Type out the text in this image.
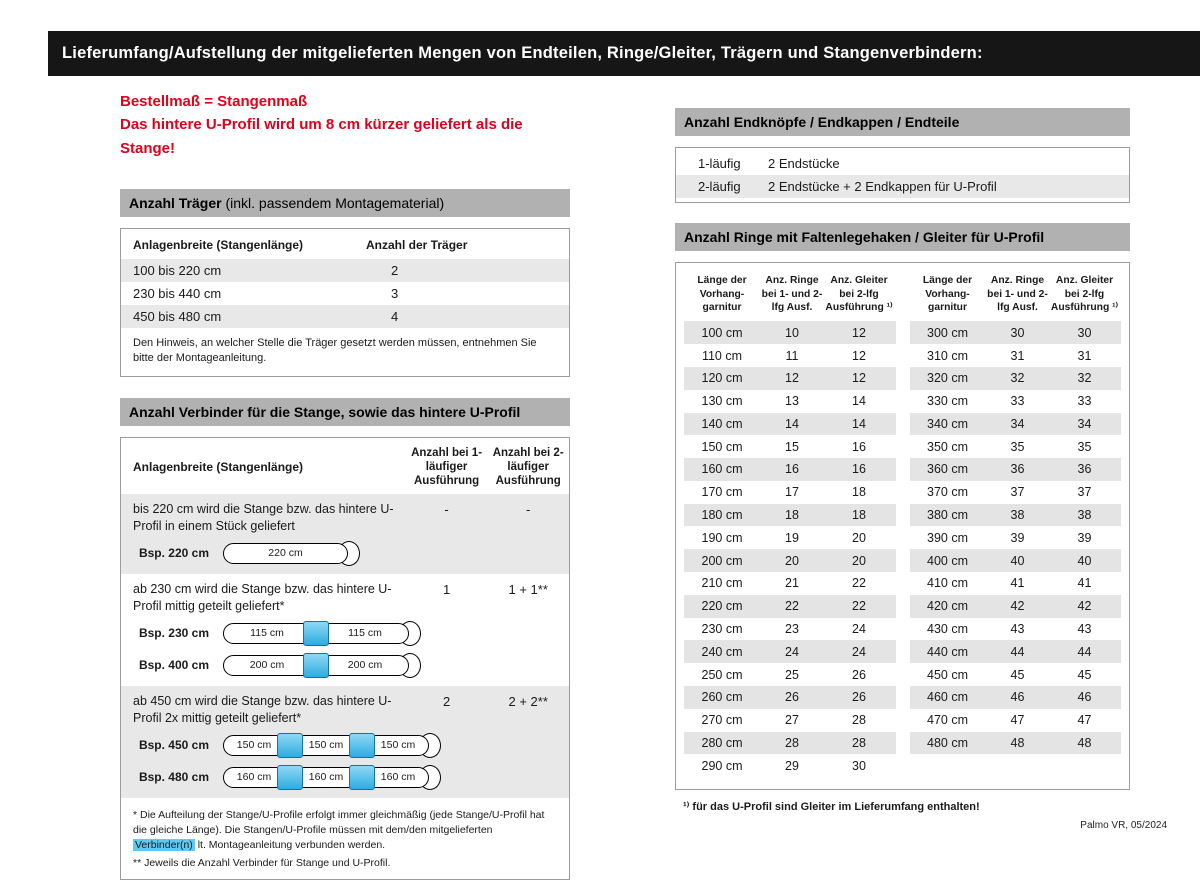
Lieferumfang/Aufstellung der mitgelieferten Mengen von Endteilen, Ringe/Gleiter, Trägern und Stangenverbindern:
Bestellmaß = Stangenmaß
Das hintere U-Profil wird um 8 cm kürzer geliefert als die Stange!
Anzahl Träger (inkl. passendem Montagematerial)
Anlagenbreite (Stangenlänge)	Anzahl der Träger
100 bis 220 cm	2
230 bis 440 cm	3
450 bis 480 cm	4
Den Hinweis, an welcher Stelle die Träger gesetzt werden müssen, entnehmen Sie bitte der Montageanleitung.
Anzahl Verbinder für die Stange, sowie das hintere U-Profil
Anlagenbreite (Stangenlänge)
Anzahl bei 1-läufiger Ausführung
Anzahl bei 2-läufiger Ausführung
bis 220 cm wird die Stange bzw. das hintere U-Profil in einem Stück geliefert
-	-
Bsp. 220 cm	220 cm
ab 230 cm wird die Stange bzw. das hintere U-Profil mittig geteilt geliefert*
1	1 + 1**
Bsp. 230 cm	115 cm	115 cm
Bsp. 400 cm	200 cm	200 cm
ab 450 cm wird die Stange bzw. das hintere U-Profil 2x mittig geteilt geliefert*
2	2 + 2**
Bsp. 450 cm	150 cm	150 cm	150 cm
Bsp. 480 cm	160 cm	160 cm	160 cm
* Die Aufteilung der Stange/U-Profile erfolgt immer gleichmäßig (jede Stange/U-Profil hat die gleiche Länge). Die Stangen/U-Profile müssen mit dem/den mitgelieferten Verbinder(n) lt. Montageanleitung verbunden werden.
** Jeweils die Anzahl Verbinder für Stange und U-Profil.
Anzahl Endknöpfe / Endkappen / Endteile
1-läufig	2 Endstücke
2-läufig	2 Endstücke + 2 Endkappen für U-Profil
Anzahl Ringe mit Faltenlegehaken / Gleiter für U-Profil
Länge der Vorhang-garnitur
Anz. Ringe bei 1- und 2-lfg Ausf.
Anz. Gleiter bei 2-lfg Ausführung ¹⁾
100 cm	10	12
110 cm	11	12
120 cm	12	12
130 cm	13	14
140 cm	14	14
150 cm	15	16
160 cm	16	16
170 cm	17	18
180 cm	18	18
190 cm	19	20
200 cm	20	20
210 cm	21	22
220 cm	22	22
230 cm	23	24
240 cm	24	24
250 cm	25	26
260 cm	26	26
270 cm	27	28
280 cm	28	28
290 cm	29	30
Länge der Vorhang-garnitur
Anz. Ringe bei 1- und 2-lfg Ausf.
Anz. Gleiter bei 2-lfg Ausführung ¹⁾
300 cm	30	30
310 cm	31	31
320 cm	32	32
330 cm	33	33
340 cm	34	34
350 cm	35	35
360 cm	36	36
370 cm	37	37
380 cm	38	38
390 cm	39	39
400 cm	40	40
410 cm	41	41
420 cm	42	42
430 cm	43	43
440 cm	44	44
450 cm	45	45
460 cm	46	46
470 cm	47	47
480 cm	48	48
¹⁾ für das U-Profil sind Gleiter im Lieferumfang enthalten!
Palmo VR, 05/2024
